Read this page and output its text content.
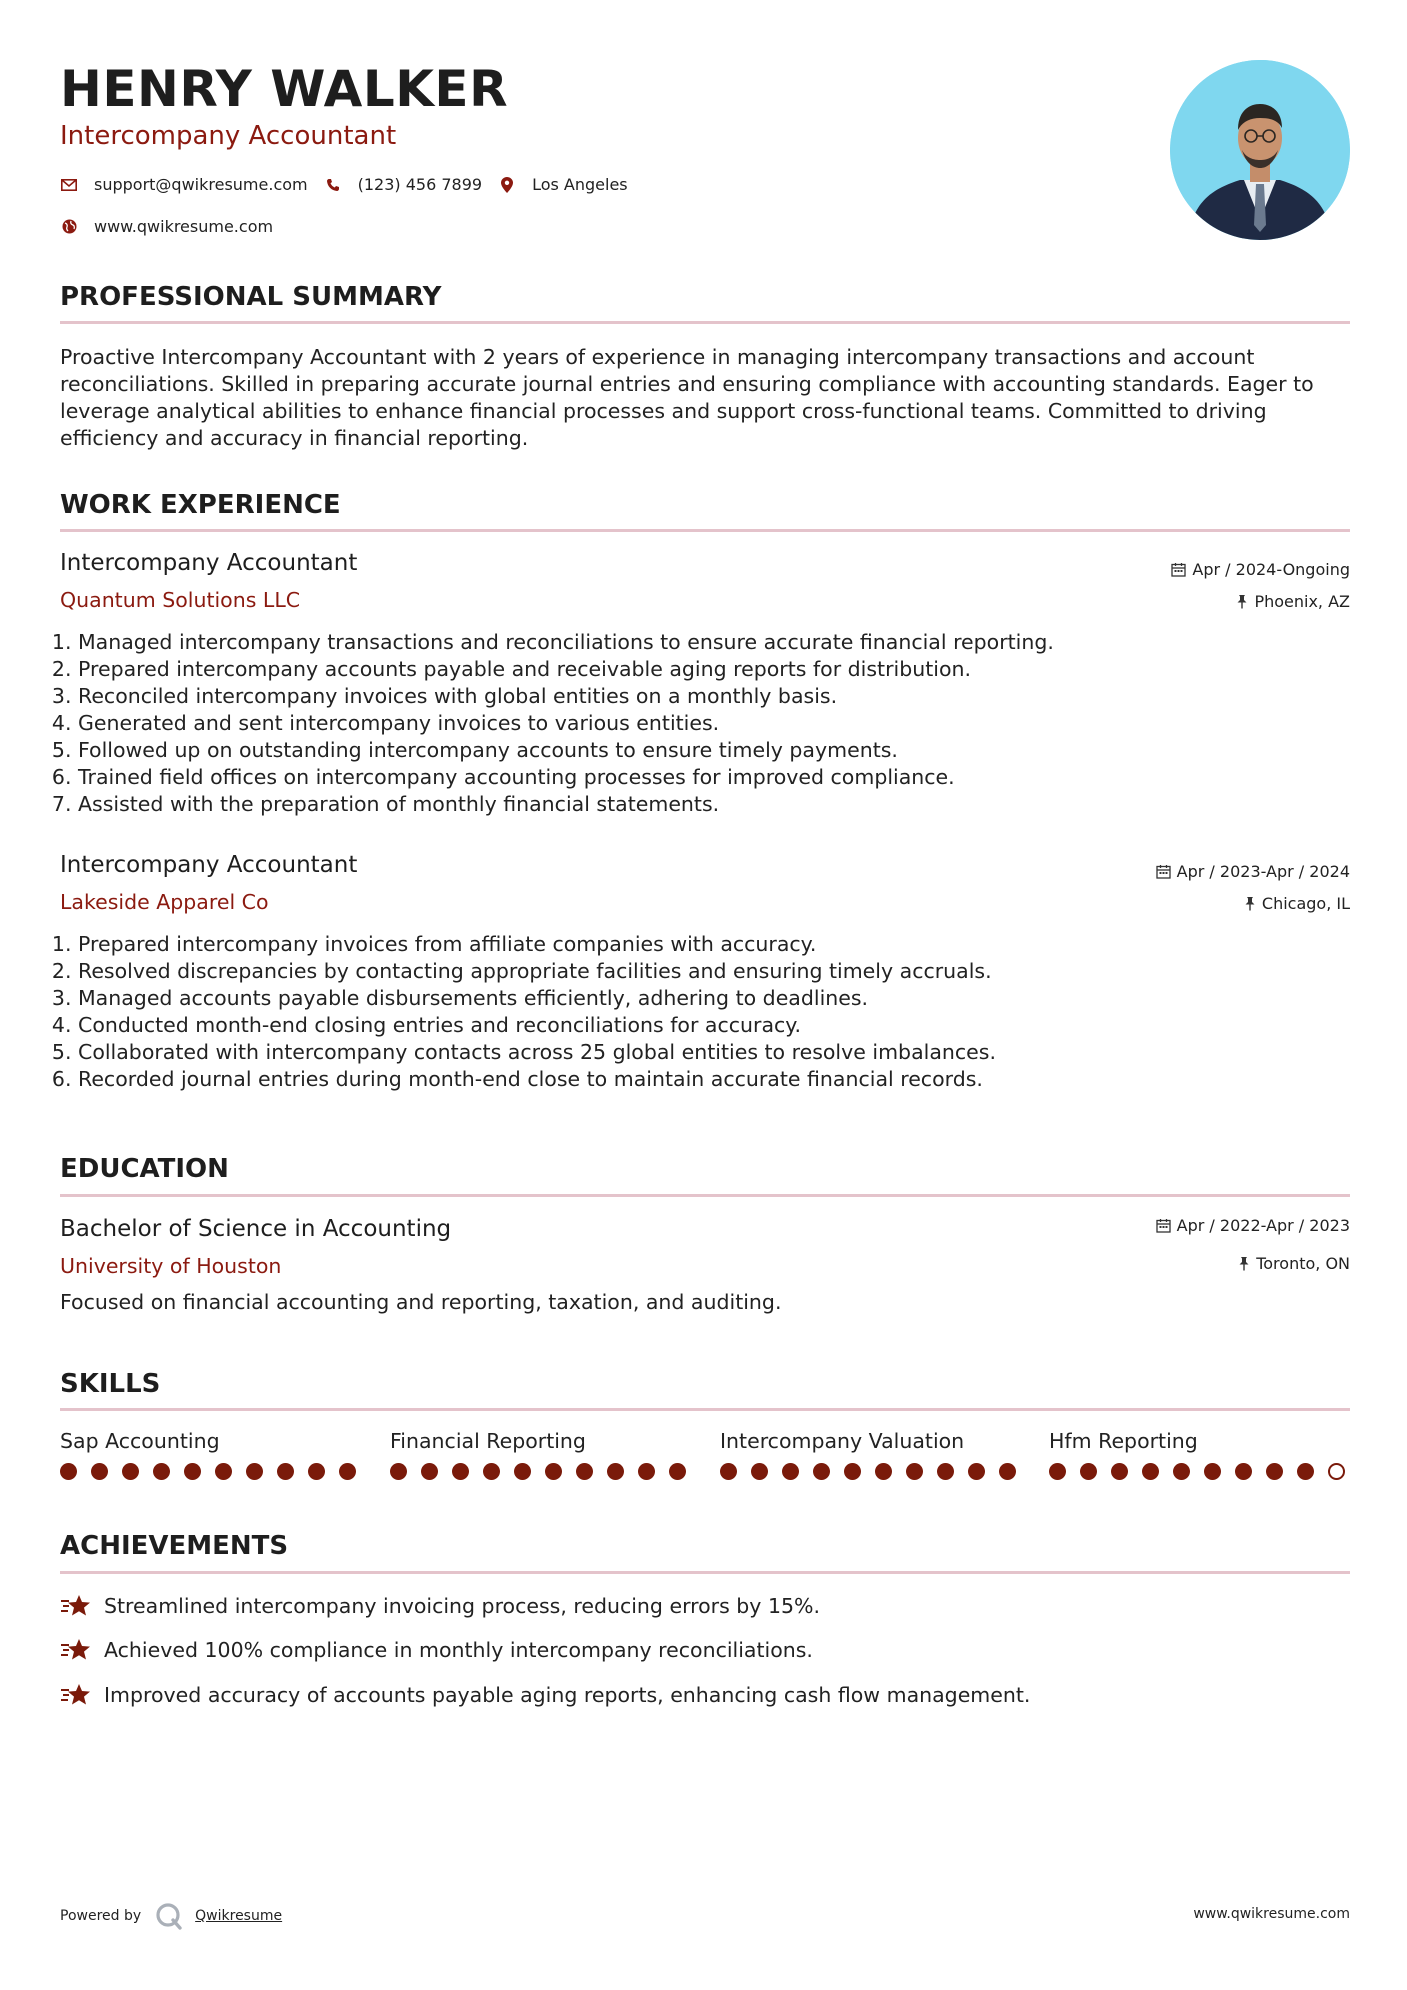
HENRY WALKER
Intercompany Accountant
support@qwikresume.com	(123) 456 7899	Los Angeles
www.qwikresume.com
PROFESSIONAL SUMMARY
Proactive Intercompany Accountant with 2 years of experience in managing intercompany transactions and account reconciliations. Skilled in preparing accurate journal entries and ensuring compliance with accounting standards. Eager to leverage analytical abilities to enhance financial processes and support cross-functional teams. Committed to driving efficiency and accuracy in financial reporting.
WORK EXPERIENCE
Intercompany Accountant
Quantum Solutions LLC
Apr / 2024-Ongoing
Phoenix, AZ
1. Managed intercompany transactions and reconciliations to ensure accurate financial reporting.
2. Prepared intercompany accounts payable and receivable aging reports for distribution.
3. Reconciled intercompany invoices with global entities on a monthly basis.
4. Generated and sent intercompany invoices to various entities.
5. Followed up on outstanding intercompany accounts to ensure timely payments.
6. Trained field offices on intercompany accounting processes for improved compliance.
7. Assisted with the preparation of monthly financial statements.
Intercompany Accountant
Lakeside Apparel Co
Apr / 2023-Apr / 2024
Chicago, IL
1. Prepared intercompany invoices from affiliate companies with accuracy.
2. Resolved discrepancies by contacting appropriate facilities and ensuring timely accruals.
3. Managed accounts payable disbursements efficiently, adhering to deadlines.
4. Conducted month-end closing entries and reconciliations for accuracy.
5. Collaborated with intercompany contacts across 25 global entities to resolve imbalances.
6. Recorded journal entries during month-end close to maintain accurate financial records.
EDUCATION
Bachelor of Science in Accounting
University of Houston
Apr / 2022-Apr / 2023
Toronto, ON
Focused on financial accounting and reporting, taxation, and auditing.
SKILLS
Sap Accounting	Financial Reporting	Intercompany Valuation	Hfm Reporting
ACHIEVEMENTS
Streamlined intercompany invoicing process, reducing errors by 15%.
Achieved 100% compliance in monthly intercompany reconciliations.
Improved accuracy of accounts payable aging reports, enhancing cash flow management.
Powered by	Qwikresume	www.qwikresume.com
